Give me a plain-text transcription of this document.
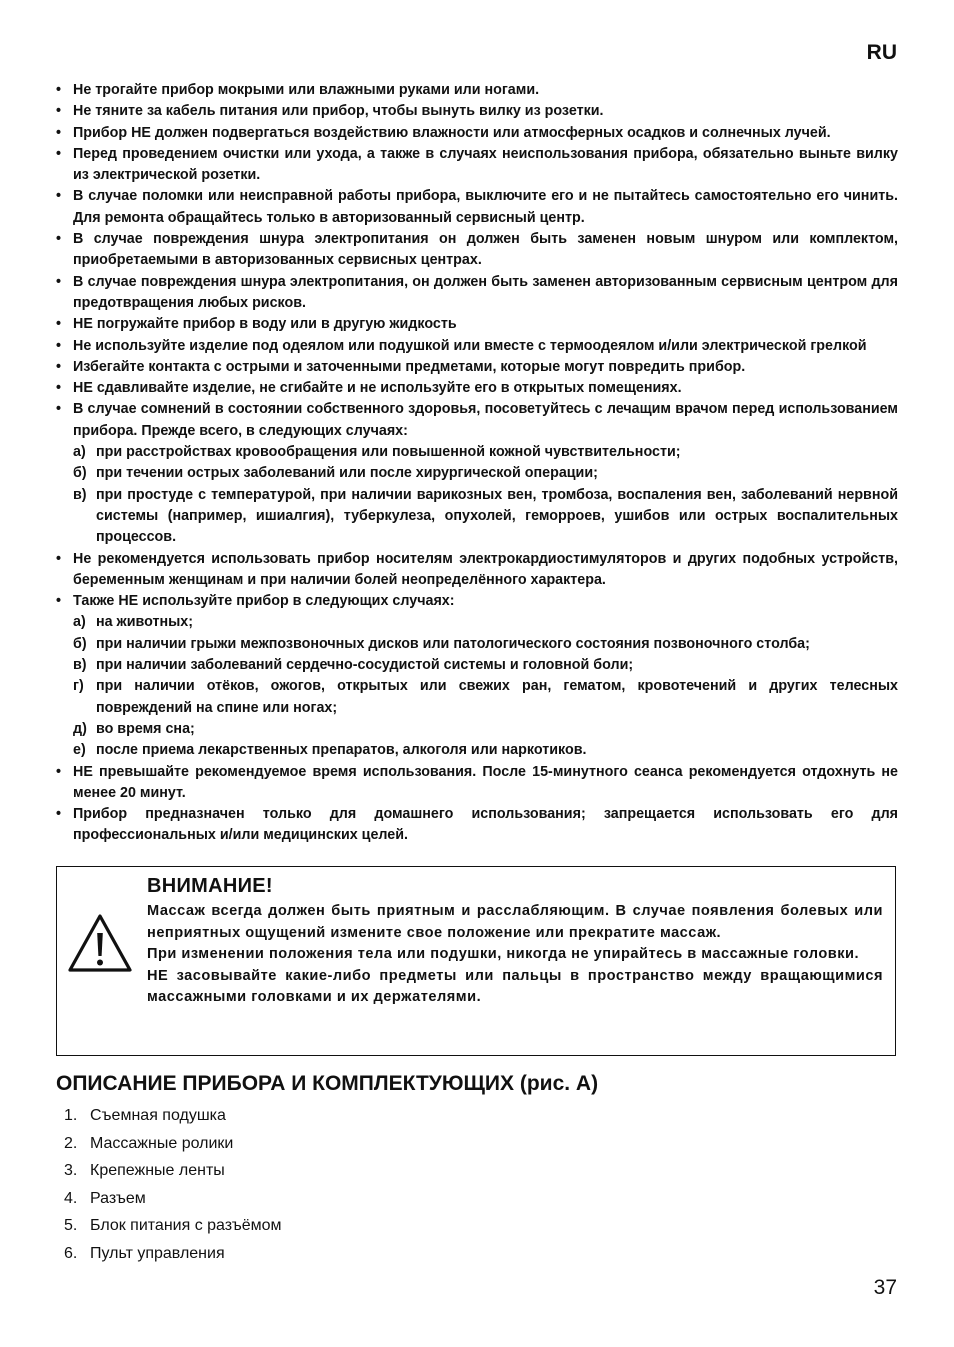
RU
• Не трогайте прибор мокрыми или влажными руками или ногами.
• Не тяните за кабель питания или прибор, чтобы вынуть вилку из розетки.
• Прибор НЕ должен подвергаться воздействию влажности или атмосферных осадков и солнечных лучей.
• Перед проведением очистки или ухода, а также в случаях неиспользования прибора, обязательно выньте вилку из электрической розетки.
• В случае поломки или неисправной работы прибора, выключите его и не пытайтесь самостоятельно его чинить. Для ремонта обращайтесь только в авторизованный сервисный центр.
• В случае повреждения шнура электропитания он должен быть заменен новым шнуром или комплектом, приобретаемыми в авторизованных сервисных центрах.
• В случае повреждения шнура электропитания, он должен быть заменен авторизованным сервисным центром для предотвращения любых рисков.
• НЕ погружайте прибор в воду или в другую жидкость
• Не используйте изделие под одеялом или подушкой или вместе с термоодеялом и/или электрической грелкой
• Избегайте контакта с острыми и заточенными предметами, которые могут повредить прибор.
• НЕ сдавливайте изделие, не сгибайте и не используйте его в открытых помещениях.
• В случае сомнений в состоянии собственного здоровья, посоветуйтесь с лечащим врачом перед использованием прибора. Прежде всего, в следующих случаях:
а) при расстройствах кровообращения или повышенной кожной чувствительности;
б) при течении острых заболеваний или после хирургической операции;
в) при простуде с температурой, при наличии варикозных вен, тромбоза, воспаления вен, заболеваний нервной системы (например, ишиалгия), туберкулеза, опухолей, геморроев, ушибов или острых воспалительных процессов.
• Не рекомендуется использовать прибор носителям электрокардиостимуляторов и других подобных устройств, беременным женщинам и при наличии болей неопределённого характера.
• Также НЕ используйте прибор в следующих случаях:
а) на животных;
б) при наличии грыжи межпозвоночных дисков или патологического состояния позвоночного столба;
в) при наличии заболеваний сердечно-сосудистой системы и головной боли;
г) при наличии отёков, ожогов, открытых или свежих ран, гематом, кровотечений и других телесных повреждений на спине или ногах;
д) во время сна;
е) после приема лекарственных препаратов, алкоголя или наркотиков.
• НЕ превышайте рекомендуемое время использования. После 15-минутного сеанса рекомендуется отдохнуть не менее 20 минут.
• Прибор предназначен только для домашнего использования; запрещается использовать его для профессиональных и/или медицинских целей.
ВНИМАНИЕ!

Массаж всегда должен быть приятным и расслабляющим. В случае появления болевых или неприятных ощущений измените свое положение или прекратите массаж.

При изменении положения тела или подушки, никогда не упирайтесь в массажные головки.

НЕ засовывайте какие-либо предметы или пальцы в пространство между вращающимися массажными головками и их держателями.

ОПИСАНИЕ ПРИБОРА И КОМПЛЕКТУЮЩИХ (рис. А)
1. Съемная подушка
2. Массажные ролики
3. Крепежные ленты
4. Разъем
5. Блок питания с разъёмом
6. Пульт управления
37
